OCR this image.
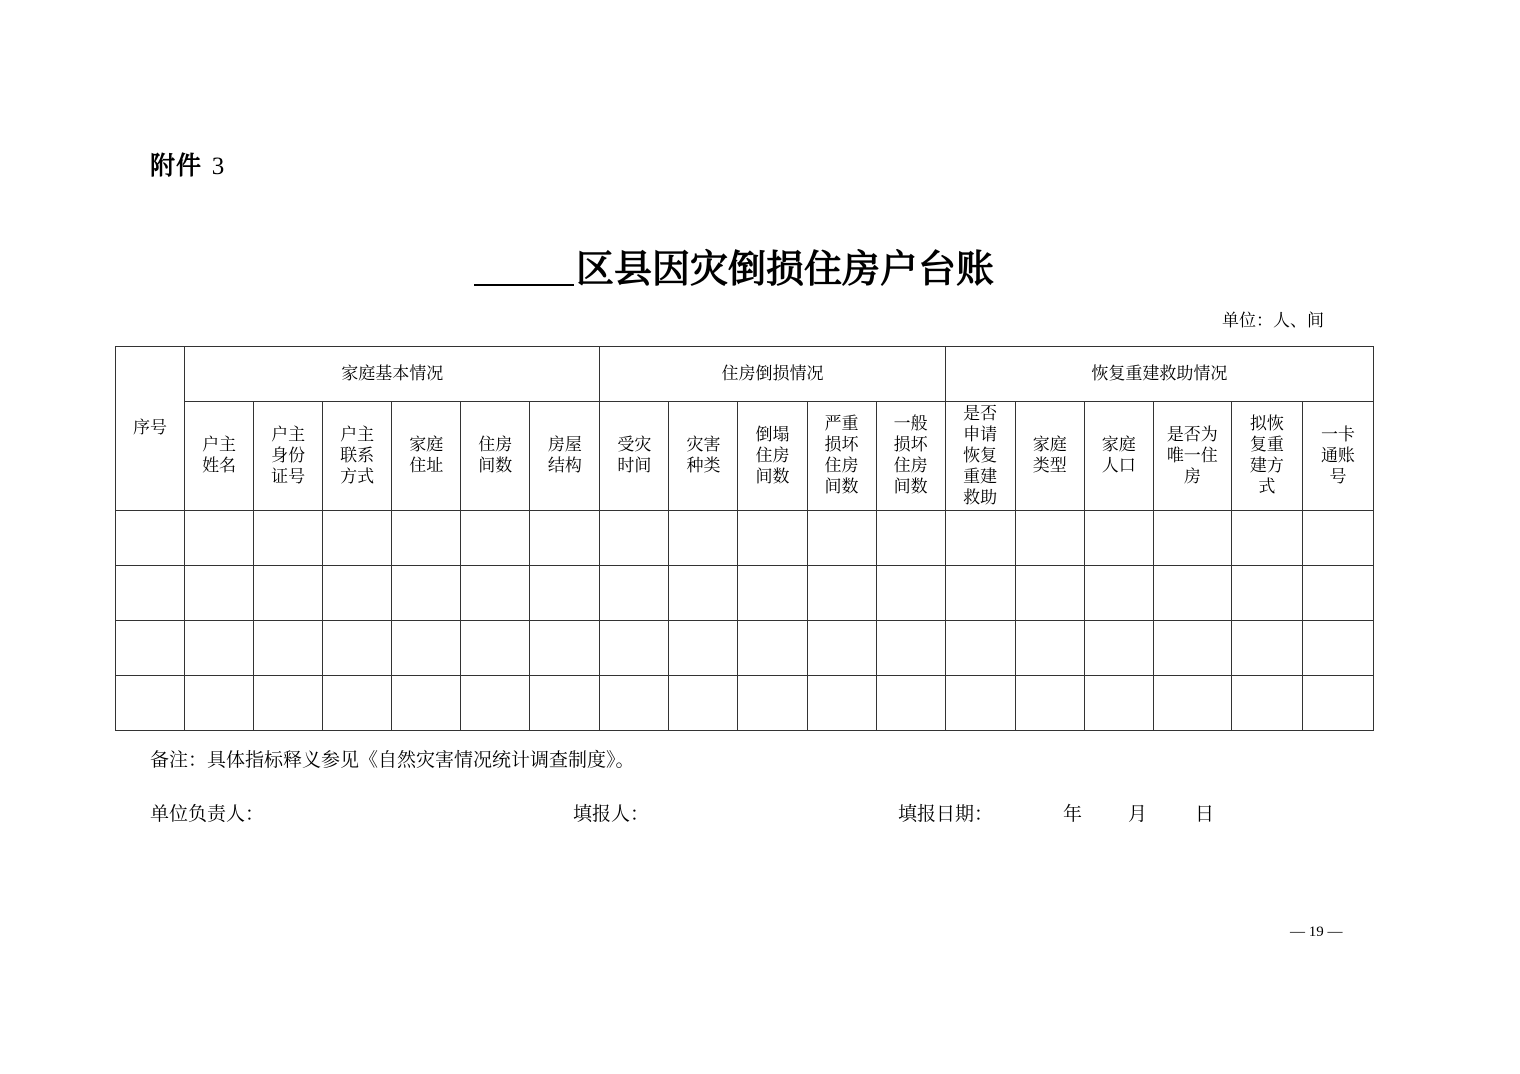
附件 3
区县因灾倒损住房户台账
单位：人、间
序号	家庭基本情况						住房倒损情况					恢复重建救助情况					
	户主姓名	户主身份证号	户主联系方式	家庭住址	住房间数	房屋结构	受灾时间	灾害种类	倒塌住房间数	严重损坏住房间数	一般损坏住房间数	是否申请恢复重建救助	家庭类型	家庭人口	是否为唯一住房	拟恢复重建方式	一卡通账号

备注：具体指标释义参见《自然灾害情况统计调查制度》。
单位负责人：	填报人：	填报日期：	年 月	日
— 19 —
